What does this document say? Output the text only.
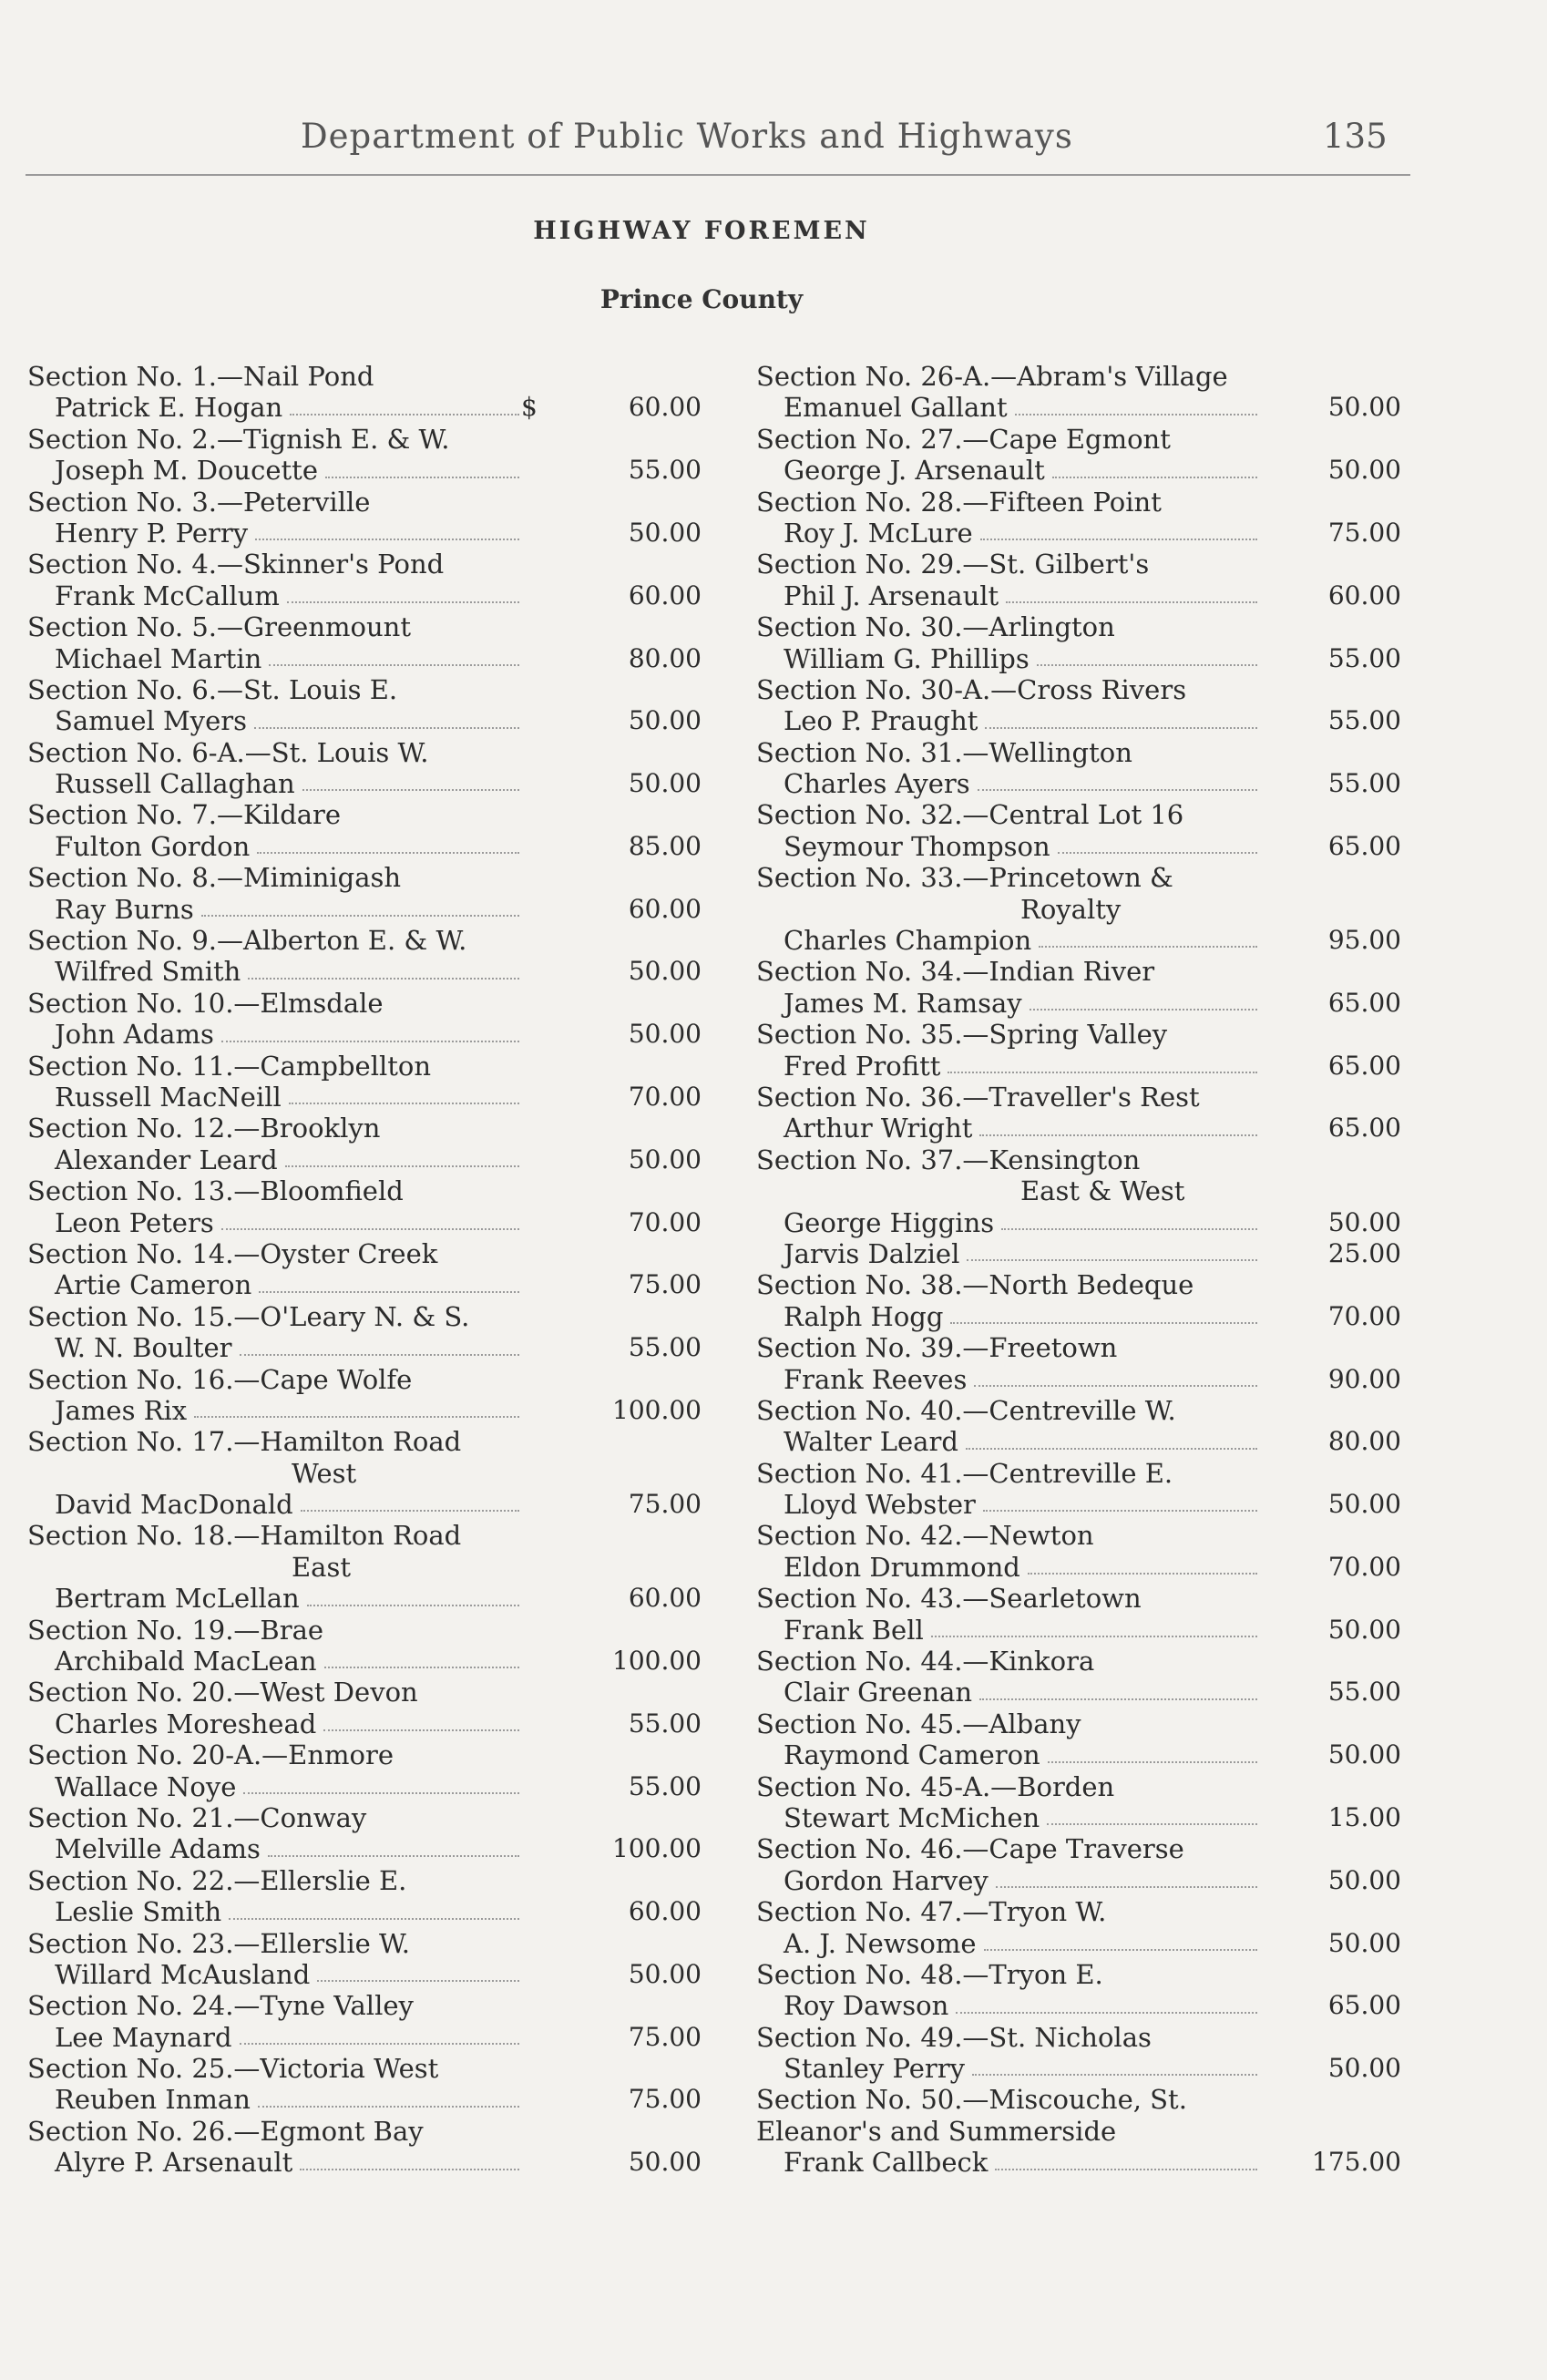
Department of Public Works and Highways	135
HIGHWAY FOREMEN
Prince County
Section No. 1.—Nail Pond
Patrick E. Hogan	$	60.00
Section No. 2.—Tignish E. & W.
Joseph M. Doucette	55.00
Section No. 3.—Peterville
Henry P. Perry	50.00
Section No. 4.—Skinner's Pond
Frank McCallum	60.00
Section No. 5.—Greenmount
Michael Martin	80.00
Section No. 6.—St. Louis E.
Samuel Myers	50.00
Section No. 6-A.—St. Louis W.
Russell Callaghan	50.00
Section No. 7.—Kildare
Fulton Gordon	85.00
Section No. 8.—Miminigash
Ray Burns	60.00
Section No. 9.—Alberton E. & W.
Wilfred Smith	50.00
Section No. 10.—Elmsdale
John Adams	50.00
Section No. 11.—Campbellton
Russell MacNeill	70.00
Section No. 12.—Brooklyn
Alexander Leard	50.00
Section No. 13.—Bloomfield
Leon Peters	70.00
Section No. 14.—Oyster Creek
Artie Cameron	75.00
Section No. 15.—O'Leary N. & S.
W. N. Boulter	55.00
Section No. 16.—Cape Wolfe
James Rix	100.00
Section No. 17.—Hamilton Road
West
David MacDonald	75.00
Section No. 18.—Hamilton Road
East
Bertram McLellan	60.00
Section No. 19.—Brae
Archibald MacLean	100.00
Section No. 20.—West Devon
Charles Moreshead	55.00
Section No. 20-A.—Enmore
Wallace Noye	55.00
Section No. 21.—Conway
Melville Adams	100.00
Section No. 22.—Ellerslie E.
Leslie Smith	60.00
Section No. 23.—Ellerslie W.
Willard McAusland	50.00
Section No. 24.—Tyne Valley
Lee Maynard	75.00
Section No. 25.—Victoria West
Reuben Inman	75.00
Section No. 26.—Egmont Bay
Alyre P. Arsenault	50.00
Section No. 26-A.—Abram's Village
Emanuel Gallant	50.00
Section No. 27.—Cape Egmont
George J. Arsenault	50.00
Section No. 28.—Fifteen Point
Roy J. McLure	75.00
Section No. 29.—St. Gilbert's
Phil J. Arsenault	60.00
Section No. 30.—Arlington
William G. Phillips	55.00
Section No. 30-A.—Cross Rivers
Leo P. Praught	55.00
Section No. 31.—Wellington
Charles Ayers	55.00
Section No. 32.—Central Lot 16
Seymour Thompson	65.00
Section No. 33.—Princetown &
Royalty
Charles Champion	95.00
Section No. 34.—Indian River
James M. Ramsay	65.00
Section No. 35.—Spring Valley
Fred Profitt	65.00
Section No. 36.—Traveller's Rest
Arthur Wright	65.00
Section No. 37.—Kensington
East & West
George Higgins	50.00
Jarvis Dalziel	25.00
Section No. 38.—North Bedeque
Ralph Hogg	70.00
Section No. 39.—Freetown
Frank Reeves	90.00
Section No. 40.—Centreville W.
Walter Leard	80.00
Section No. 41.—Centreville E.
Lloyd Webster	50.00
Section No. 42.—Newton
Eldon Drummond	70.00
Section No. 43.—Searletown
Frank Bell	50.00
Section No. 44.—Kinkora
Clair Greenan	55.00
Section No. 45.—Albany
Raymond Cameron	50.00
Section No. 45-A.—Borden
Stewart McMichen	15.00
Section No. 46.—Cape Traverse
Gordon Harvey	50.00
Section No. 47.—Tryon W.
A. J. Newsome	50.00
Section No. 48.—Tryon E.
Roy Dawson	65.00
Section No. 49.—St. Nicholas
Stanley Perry	50.00
Section No. 50.—Miscouche, St.
Eleanor's and Summerside
Frank Callbeck	175.00
